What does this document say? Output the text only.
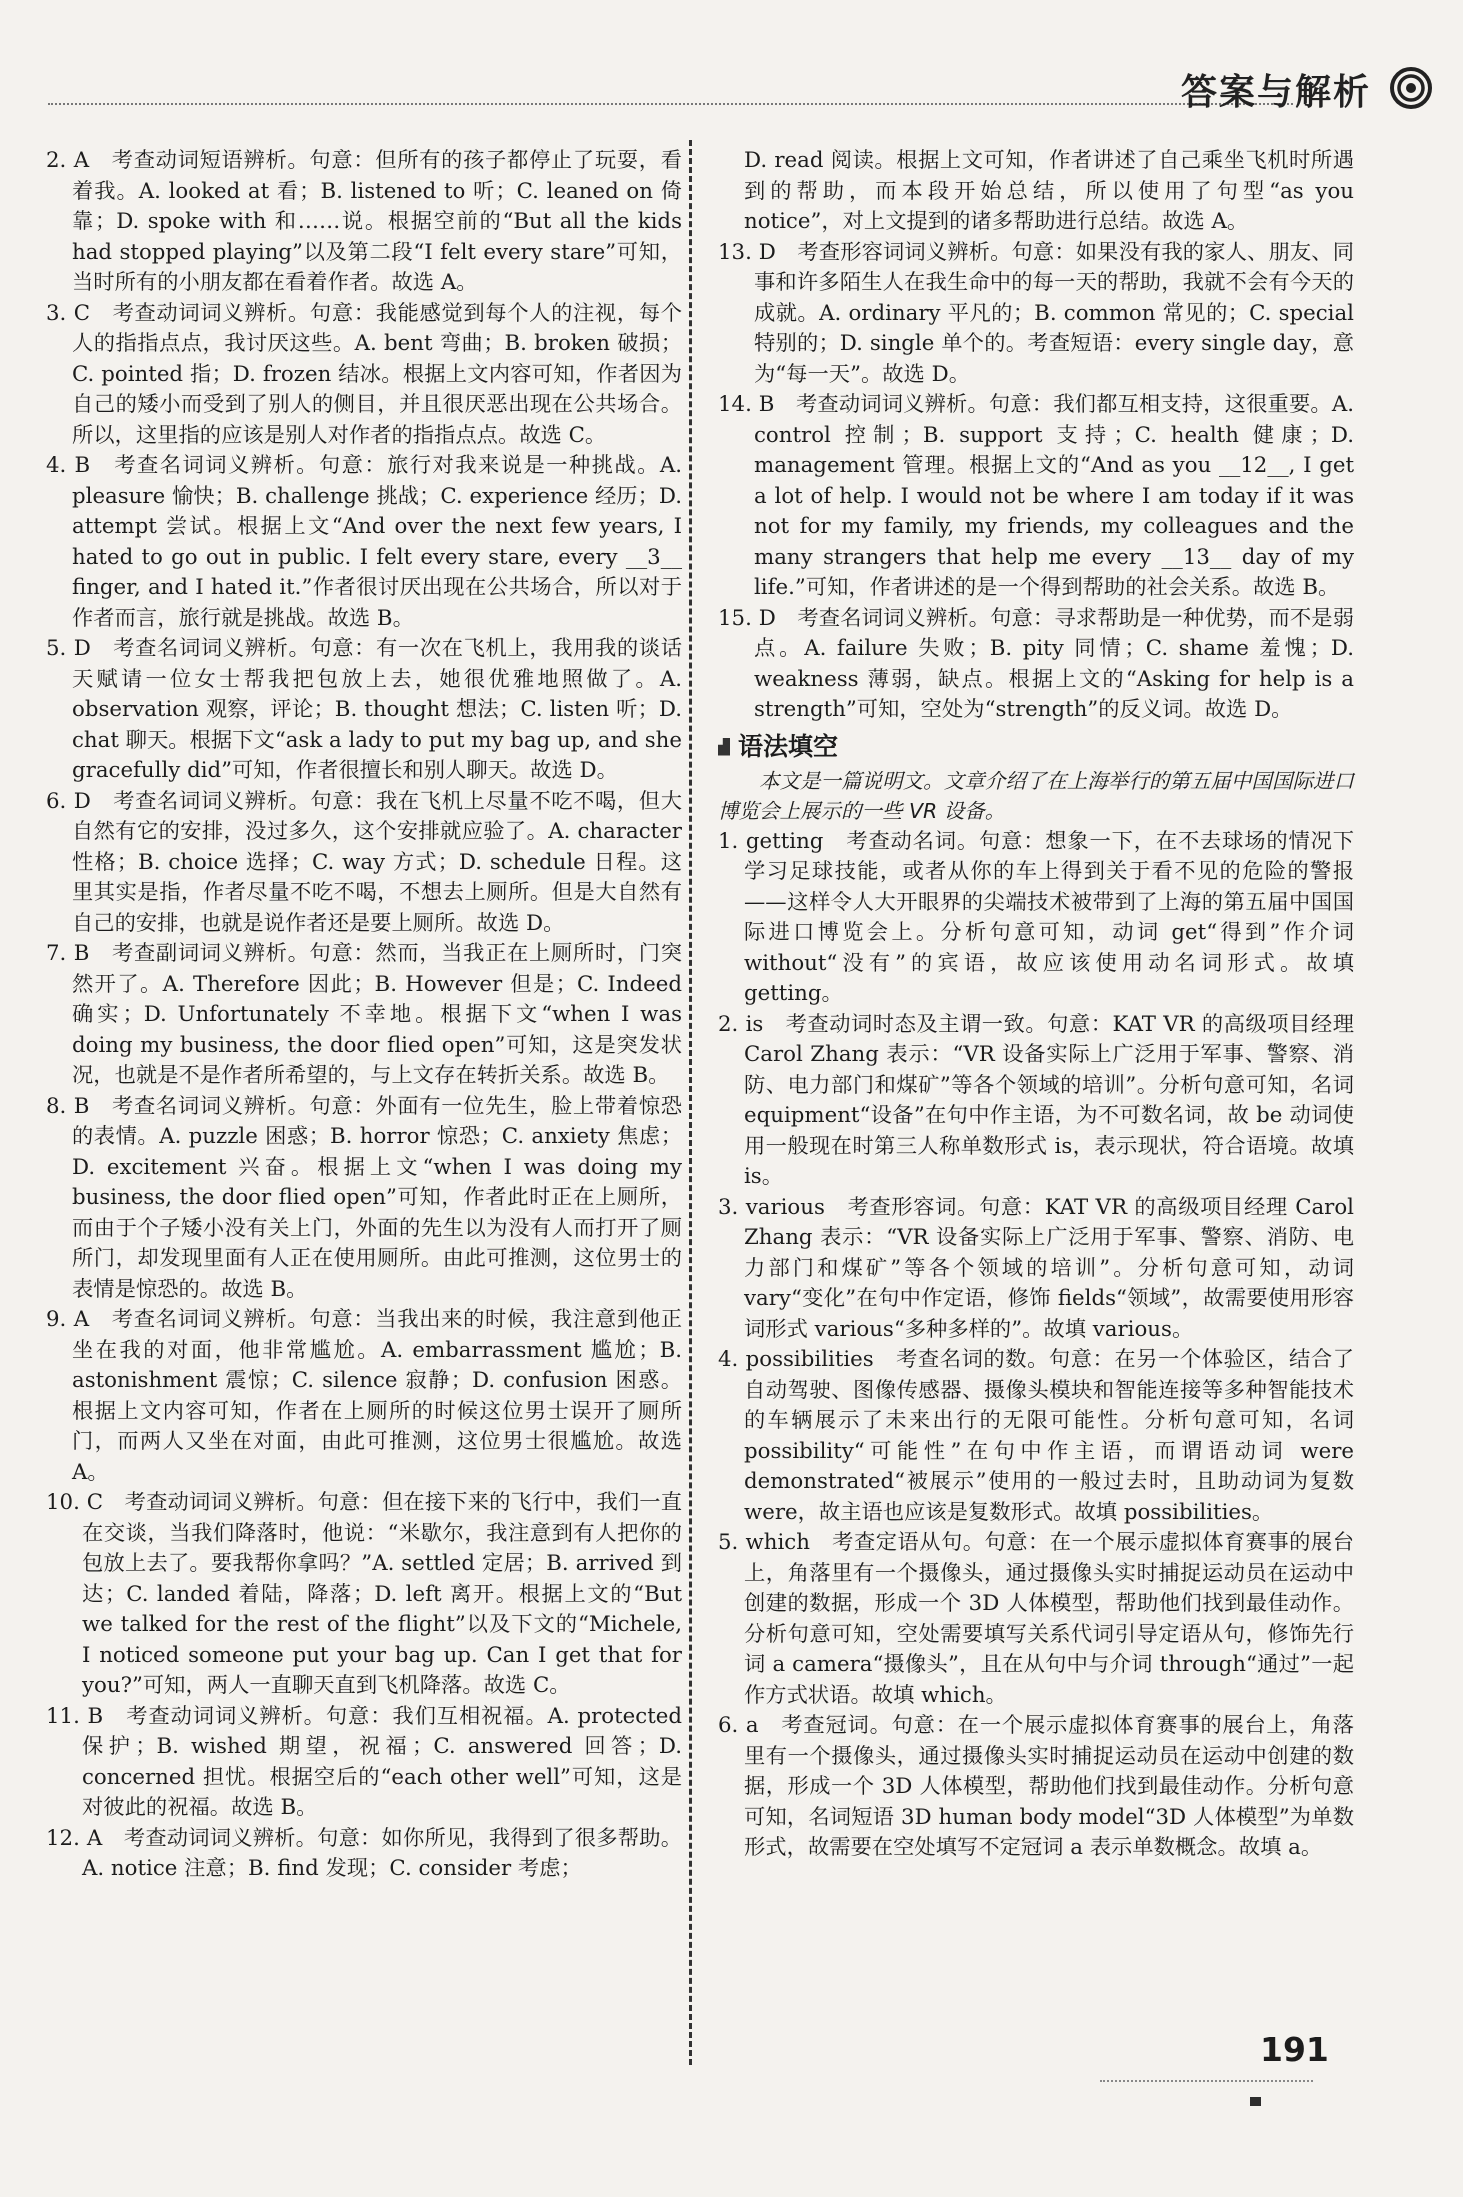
答案与解析

2. A　考查动词短语辨析。句意：但所有的孩子都停止了玩耍，看着我。A. looked at 看；B. listened to 听；C. leaned on 倚靠；D. spoke with 和……说。根据空前的“But all the kids had stopped playing”以及第二段“I felt every stare”可知，当时所有的小朋友都在看着作者。故选 A。

3. C　考查动词词义辨析。句意：我能感觉到每个人的注视，每个人的指指点点，我讨厌这些。A. bent 弯曲；B. broken 破损；C. pointed 指；D. frozen 结冰。根据上文内容可知，作者因为自己的矮小而受到了别人的侧目，并且很厌恶出现在公共场合。所以，这里指的应该是别人对作者的指指点点。故选 C。

4. B　考查名词词义辨析。句意：旅行对我来说是一种挑战。A. pleasure 愉快；B. challenge 挑战；C. experience 经历；D. attempt 尝试。根据上文“And over the next few years, I hated to go out in public. I felt every stare, every __3__ finger, and I hated it.”作者很讨厌出现在公共场合，所以对于作者而言，旅行就是挑战。故选 B。

5. D　考查名词词义辨析。句意：有一次在飞机上，我用我的谈话天赋请一位女士帮我把包放上去，她很优雅地照做了。A. observation 观察，评论；B. thought 想法；C. listen 听；D. chat 聊天。根据下文“ask a lady to put my bag up, and she gracefully did”可知，作者很擅长和别人聊天。故选 D。

6. D　考查名词词义辨析。句意：我在飞机上尽量不吃不喝，但大自然有它的安排，没过多久，这个安排就应验了。A. character 性格；B. choice 选择；C. way 方式；D. schedule 日程。这里其实是指，作者尽量不吃不喝，不想去上厕所。但是大自然有自己的安排，也就是说作者还是要上厕所。故选 D。

7. B　考查副词词义辨析。句意：然而，当我正在上厕所时，门突然开了。A. Therefore 因此；B. However 但是；C. Indeed 确实；D. Unfortunately 不幸地。根据下文“when I was doing my business, the door flied open”可知，这是突发状况，也就是不是作者所希望的，与上文存在转折关系。故选 B。

8. B　考查名词词义辨析。句意：外面有一位先生，脸上带着惊恐的表情。A. puzzle 困惑；B. horror 惊恐；C. anxiety 焦虑；D. excitement 兴奋。根据上文“when I was doing my business, the door flied open”可知，作者此时正在上厕所，而由于个子矮小没有关上门，外面的先生以为没有人而打开了厕所门，却发现里面有人正在使用厕所。由此可推测，这位男士的表情是惊恐的。故选 B。

9. A　考查名词词义辨析。句意：当我出来的时候，我注意到他正坐在我的对面，他非常尴尬。A. embarrassment 尴尬；B. astonishment 震惊；C. silence 寂静；D. confusion 困惑。根据上文内容可知，作者在上厕所的时候这位男士误开了厕所门，而两人又坐在对面，由此可推测，这位男士很尴尬。故选 A。

10. C　考查动词词义辨析。句意：但在接下来的飞行中，我们一直在交谈，当我们降落时，他说：“米歇尔，我注意到有人把你的包放上去了。要我帮你拿吗？”A. settled 定居；B. arrived 到达；C. landed 着陆，降落；D. left 离开。根据上文的“But we talked for the rest of the flight”以及下文的“Michele, I noticed someone put your bag up. Can I get that for you?”可知，两人一直聊天直到飞机降落。故选 C。

11. B　考查动词词义辨析。句意：我们互相祝福。A. protected 保护；B. wished 期望，祝福；C. answered 回答；D. concerned 担忧。根据空后的“each other well”可知，这是对彼此的祝福。故选 B。

12. A　考查动词词义辨析。句意：如你所见，我得到了很多帮助。A. notice 注意；B. find 发现；C. consider 考虑；

D. read 阅读。根据上文可知，作者讲述了自己乘坐飞机时所遇到的帮助，而本段开始总结，所以使用了句型“as you notice”，对上文提到的诸多帮助进行总结。故选 A。

13. D　考查形容词词义辨析。句意：如果没有我的家人、朋友、同事和许多陌生人在我生命中的每一天的帮助，我就不会有今天的成就。A. ordinary 平凡的；B. common 常见的；C. special 特别的；D. single 单个的。考查短语：every single day，意为“每一天”。故选 D。

14. B　考查动词词义辨析。句意：我们都互相支持，这很重要。A. control 控制；B. support 支持；C. health 健康；D. management 管理。根据上文的“And as you __12__, I get a lot of help. I would not be where I am today if it was not for my family, my friends, my colleagues and the many strangers that help me every __13__ day of my life.”可知，作者讲述的是一个得到帮助的社会关系。故选 B。

15. D　考查名词词义辨析。句意：寻求帮助是一种优势，而不是弱点。A. failure 失败；B. pity 同情；C. shame 羞愧；D. weakness 薄弱，缺点。根据上文的“Asking for help is a strength”可知，空处为“strength”的反义词。故选 D。

语法填空

本文是一篇说明文。文章介绍了在上海举行的第五届中国国际进口博览会上展示的一些 VR 设备。

1. getting　考查动名词。句意：想象一下，在不去球场的情况下学习足球技能，或者从你的车上得到关于看不见的危险的警报——这样令人大开眼界的尖端技术被带到了上海的第五届中国国际进口博览会上。分析句意可知，动词 get“得到”作介词 without“没有”的宾语，故应该使用动名词形式。故填 getting。

2. is　考查动词时态及主谓一致。句意：KAT VR 的高级项目经理 Carol Zhang 表示：“VR 设备实际上广泛用于军事、警察、消防、电力部门和煤矿”等各个领域的培训”。分析句意可知，名词 equipment“设备”在句中作主语，为不可数名词，故 be 动词使用一般现在时第三人称单数形式 is，表示现状，符合语境。故填 is。

3. various　考查形容词。句意：KAT VR 的高级项目经理 Carol Zhang 表示：“VR 设备实际上广泛用于军事、警察、消防、电力部门和煤矿”等各个领域的培训”。分析句意可知，动词 vary“变化”在句中作定语，修饰 fields“领域”，故需要使用形容词形式 various“多种多样的”。故填 various。

4. possibilities　考查名词的数。句意：在另一个体验区，结合了自动驾驶、图像传感器、摄像头模块和智能连接等多种智能技术的车辆展示了未来出行的无限可能性。分析句意可知，名词 possibility“可能性”在句中作主语，而谓语动词 were demonstrated“被展示”使用的一般过去时，且助动词为复数 were，故主语也应该是复数形式。故填 possibilities。

5. which　考查定语从句。句意：在一个展示虚拟体育赛事的展台上，角落里有一个摄像头，通过摄像头实时捕捉运动员在运动中创建的数据，形成一个 3D 人体模型，帮助他们找到最佳动作。分析句意可知，空处需要填写关系代词引导定语从句，修饰先行词 a camera“摄像头”，且在从句中与介词 through“通过”一起作方式状语。故填 which。

6. a　考查冠词。句意：在一个展示虚拟体育赛事的展台上，角落里有一个摄像头，通过摄像头实时捕捉运动员在运动中创建的数据，形成一个 3D 人体模型，帮助他们找到最佳动作。分析句意可知，名词短语 3D human body model“3D 人体模型”为单数形式，故需要在空处填写不定冠词 a 表示单数概念。故填 a。

191
